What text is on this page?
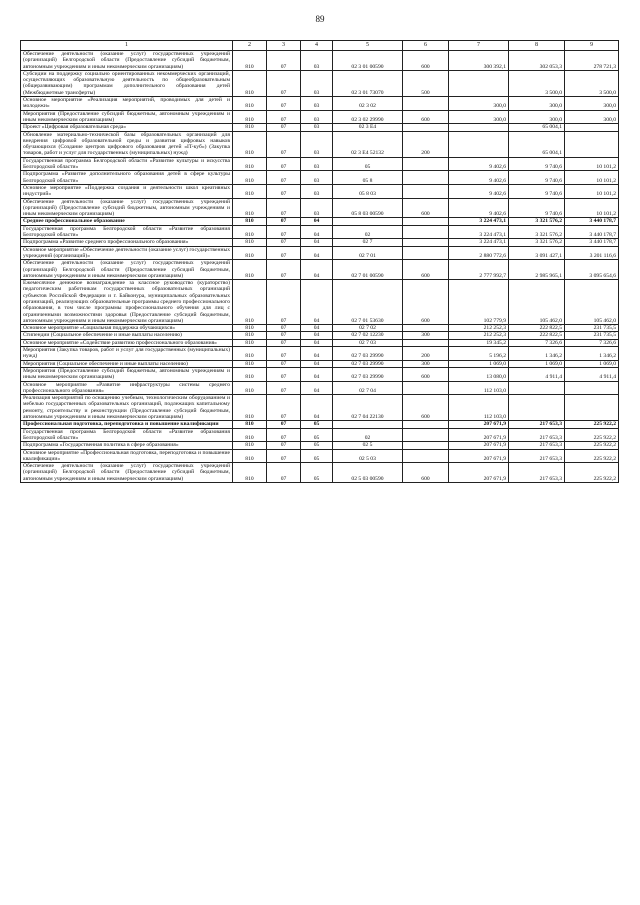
89
1	2	3	4	5	6	7	8	9
Обеспечение деятельности (оказание услуг) государственных учреждений (организаций) Белгородской области (Предоставление субсидий бюджетным, автономным учреждениям и иным некоммерческим организациям)	810	07	03	02 3 01 00590	600	300 392,1	302 053,3	278 721,3
Субсидии на поддержку социально ориентированных некоммерческих организаций, осуществляющих образовательную деятельность по общеобразовательным (общеразвивающим) программам дополнительного образования детей (Межбюджетные трансферты)	810	07	03	02 3 01 73070	500		3 500,0	3 500,0
Основное мероприятие «Реализация мероприятий, проводимых для детей и молодежи»	810	07	03	02 3 02		300,0	300,0	300,0
Мероприятия (Предоставление субсидий бюджетным, автономным учреждениям и иным некоммерческим организациям)	810	07	03	02 3 02 29990	600	300,0	300,0	300,0
Проект «Цифровая образовательная среда»	810	07	03	02 3 E4			65 004,1	
Обновление материально-технической базы образовательных организаций для внедрения цифровой образовательной среды и развития цифровых навыков обучающихся (Создание центров цифрового образования детей «IT-куб») (Закупка товаров, работ и услуг для государственных (муниципальных) нужд)	810	07	03	02 3 E4 52132	200		65 004,1	
Государственная программа Белгородской области «Развитие культуры и искусства Белгородской области»	810	07	03	05		9 402,6	9 740,6	10 101,2
Подпрограмма «Развитие дополнительного образования детей в сфере культуры Белгородской области»	810	07	03	05 8		9 402,6	9 740,6	10 101,2
Основное мероприятие «Поддержка создания и деятельности школ креативных индустрий»	810	07	03	05 8 03		9 402,6	9 740,6	10 101,2
Обеспечение деятельности (оказание услуг) государственных учреждений (организаций) (Предоставление субсидий бюджетным, автономным учреждениям и иным некоммерческим организациям)	810	07	03	05 8 03 00590	600	9 402,6	9 740,6	10 101,2
Среднее профессиональное образование	810	07	04			3 224 473,1	3 321 576,2	3 440 178,7
Государственная программа Белгородской области «Развитие образования Белгородской области»	810	07	04	02		3 224 473,1	3 321 576,2	3 440 178,7
Подпрограмма «Развитие среднего профессионального образования»	810	07	04	02 7		3 224 473,1	3 321 576,2	3 440 178,7
Основное мероприятие «Обеспечение деятельности (оказание услуг) государственных учреждений (организаций)»	810	07	04	02 7 01		2 880 772,6	3 091 427,1	3 201 116,6
Обеспечение деятельности (оказание услуг) государственных учреждений (организаций) Белгородской области (Предоставление субсидий бюджетным, автономным учреждениям и иным некоммерческим организациям)	810	07	04	02 7 01 00590	600	2 777 992,7	2 985 965,1	3 095 654,6
Ежемесячное денежное вознаграждение за классное руководство (кураторство) педагогическим работникам государственных образовательных организаций субъектов Российской Федерации и г. Байконура, муниципальных образовательных организаций, реализующих образовательные программы среднего профессионального образования, в том числе программы профессионального обучения для лиц с ограниченными возможностями здоровья (Предоставление субсидий бюджетным, автономным учреждениям и иным некоммерческим организациям)	810	07	04	02 7 01 53630	600	102 779,9	105 462,0	105 462,0
Основное мероприятие «Социальная поддержка обучающихся»	810	07	04	02 7 02		212 252,3	222 822,5	231 735,5
Стипендии (Социальное обеспечение и иные выплаты населению)	810	07	04	02 7 02 12230	300	212 252,3	222 822,5	231 735,5
Основное мероприятие «Содействие развитию профессионального образования»	810	07	04	02 7 03		19 345,2	7 326,6	7 326,6
Мероприятия (Закупка товаров, работ и услуг для государственных (муниципальных) нужд)	810	07	04	02 7 03 29990	200	5 196,2	1 346,2	1 346,2
Мероприятия (Социальное обеспечение и иные выплаты населению)	810	07	04	02 7 03 29990	300	1 069,0	1 069,0	1 069,0
Мероприятия (Предоставление субсидий бюджетным, автономным учреждениям и иным некоммерческим организациям)	810	07	04	02 7 03 29990	600	13 080,0	4 911,4	4 911,4
Основное мероприятие «Развитие инфраструктуры системы среднего профессионального образования»	810	07	04	02 7 04		112 103,0		
Реализация мероприятий по оснащению учебным, технологическим оборудованием и мебелью государственных образовательных организаций, подлежащих капитальному ремонту, строительству и реконструкции (Предоставление субсидий бюджетным, автономным учреждениям и иным некоммерческим организациям)	810	07	04	02 7 04 22130	600	112 103,0		
Профессиональная подготовка, переподготовка и повышение квалификации	810	07	05			207 671,9	217 653,3	225 922,2
Государственная программа Белгородской области «Развитие образования Белгородской области»	810	07	05	02		207 671,9	217 653,3	225 922,2
Подпрограмма «Государственная политика в сфере образования»	810	07	05	02 5		207 671,9	217 653,3	225 922,2
Основное мероприятие «Профессиональная подготовка, переподготовка и повышение квалификации»	810	07	05	02 5 03		207 671,9	217 653,3	225 922,2
Обеспечение деятельности (оказание услуг) государственных учреждений (организаций) Белгородской области (Предоставление субсидий бюджетным, автономным учреждениям и иным некоммерческим организациям)	810	07	05	02 5 03 00590	600	207 671,9	217 653,3	225 922,2
